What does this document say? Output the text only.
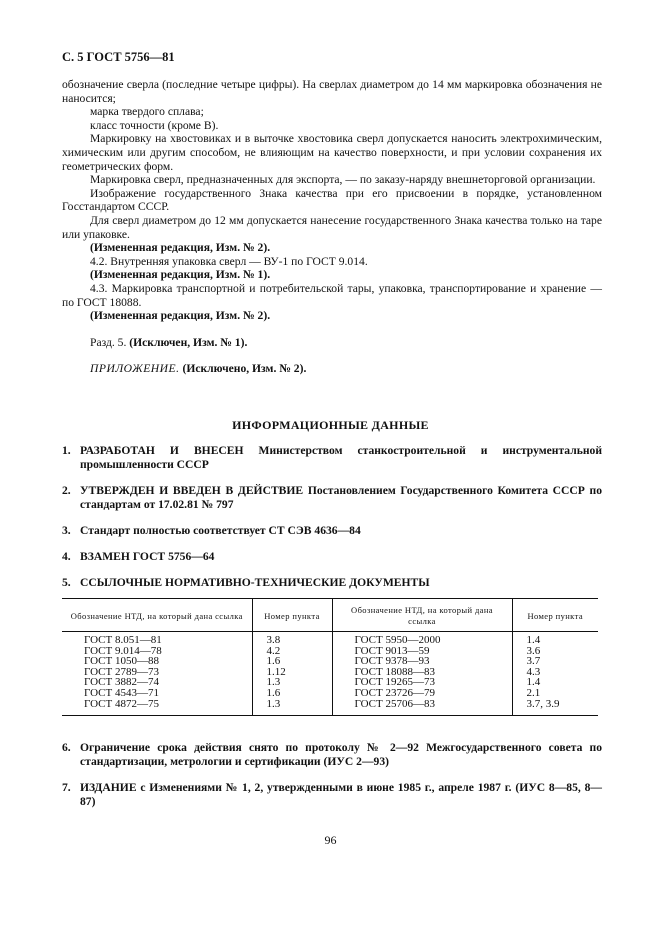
С. 5 ГОСТ 5756—81

обозначение сверла (последние четыре цифры). На сверлах диаметром до 14 мм маркировка обозначения не наносится;

марка твердого сплава;

класс точности (кроме В).

Маркировку на хвостовиках и в выточке хвостовика сверл допускается наносить электрохимическим, химическим или другим способом, не влияющим на качество поверхности, и при условии сохранения их геометрических форм.

Маркировка сверл, предназначенных для экспорта, — по заказу-наряду внешнеторговой организации.

Изображение государственного Знака качества при его присвоении в порядке, установленном Госстандартом СССР.

Для сверл диаметром до 12 мм допускается нанесение государственного Знака качества только на таре или упаковке.

(Измененная редакция, Изм. № 2).

4.2. Внутренняя упаковка сверл — ВУ-1 по ГОСТ 9.014.

(Измененная редакция, Изм. № 1).

4.3. Маркировка транспортной и потребительской тары, упаковка, транспортирование и хранение — по ГОСТ 18088.

(Измененная редакция, Изм. № 2).

Разд. 5. (Исключен, Изм. № 1).

ПРИЛОЖЕНИЕ. (Исключено, Изм. № 2).

ИНФОРМАЦИОННЫЕ ДАННЫЕ
1. РАЗРАБОТАН И ВНЕСЕН Министерством станкостроительной и инструментальной промышленности СССР
2. УТВЕРЖДЕН И ВВЕДЕН В ДЕЙСТВИЕ Постановлением Государственного Комитета СССР по стандартам от 17.02.81 № 797
3. Стандарт полностью соответствует СТ СЭВ 4636—84
4. ВЗАМЕН ГОСТ 5756—64
5. ССЫЛОЧНЫЕ НОРМАТИВНО-ТЕХНИЧЕСКИЕ ДОКУМЕНТЫ
Обозначение НТД, на который дана ссылка	Номер пункта	Обозначение НТД, на который дана ссылка	Номер пункта
ГОСТ 8.051—81	3.8	ГОСТ 5950—2000	1.4
ГОСТ 9.014—78	4.2	ГОСТ 9013—59	3.6
ГОСТ 1050—88	1.6	ГОСТ 9378—93	3.7
ГОСТ 2789—73	1.12	ГОСТ 18088—83	4.3
ГОСТ 3882—74	1.3	ГОСТ 19265—73	1.4
ГОСТ 4543—71	1.6	ГОСТ 23726—79	2.1
ГОСТ 4872—75	1.3	ГОСТ 25706—83	3.7, 3.9
6. Ограничение срока действия снято по протоколу № 2—92 Межгосударственного совета по стандартизации, метрологии и сертификации (ИУС 2—93)
7. ИЗДАНИЕ с Изменениями № 1, 2, утвержденными в июне 1985 г., апреле 1987 г. (ИУС 8—85, 8—87)
96
